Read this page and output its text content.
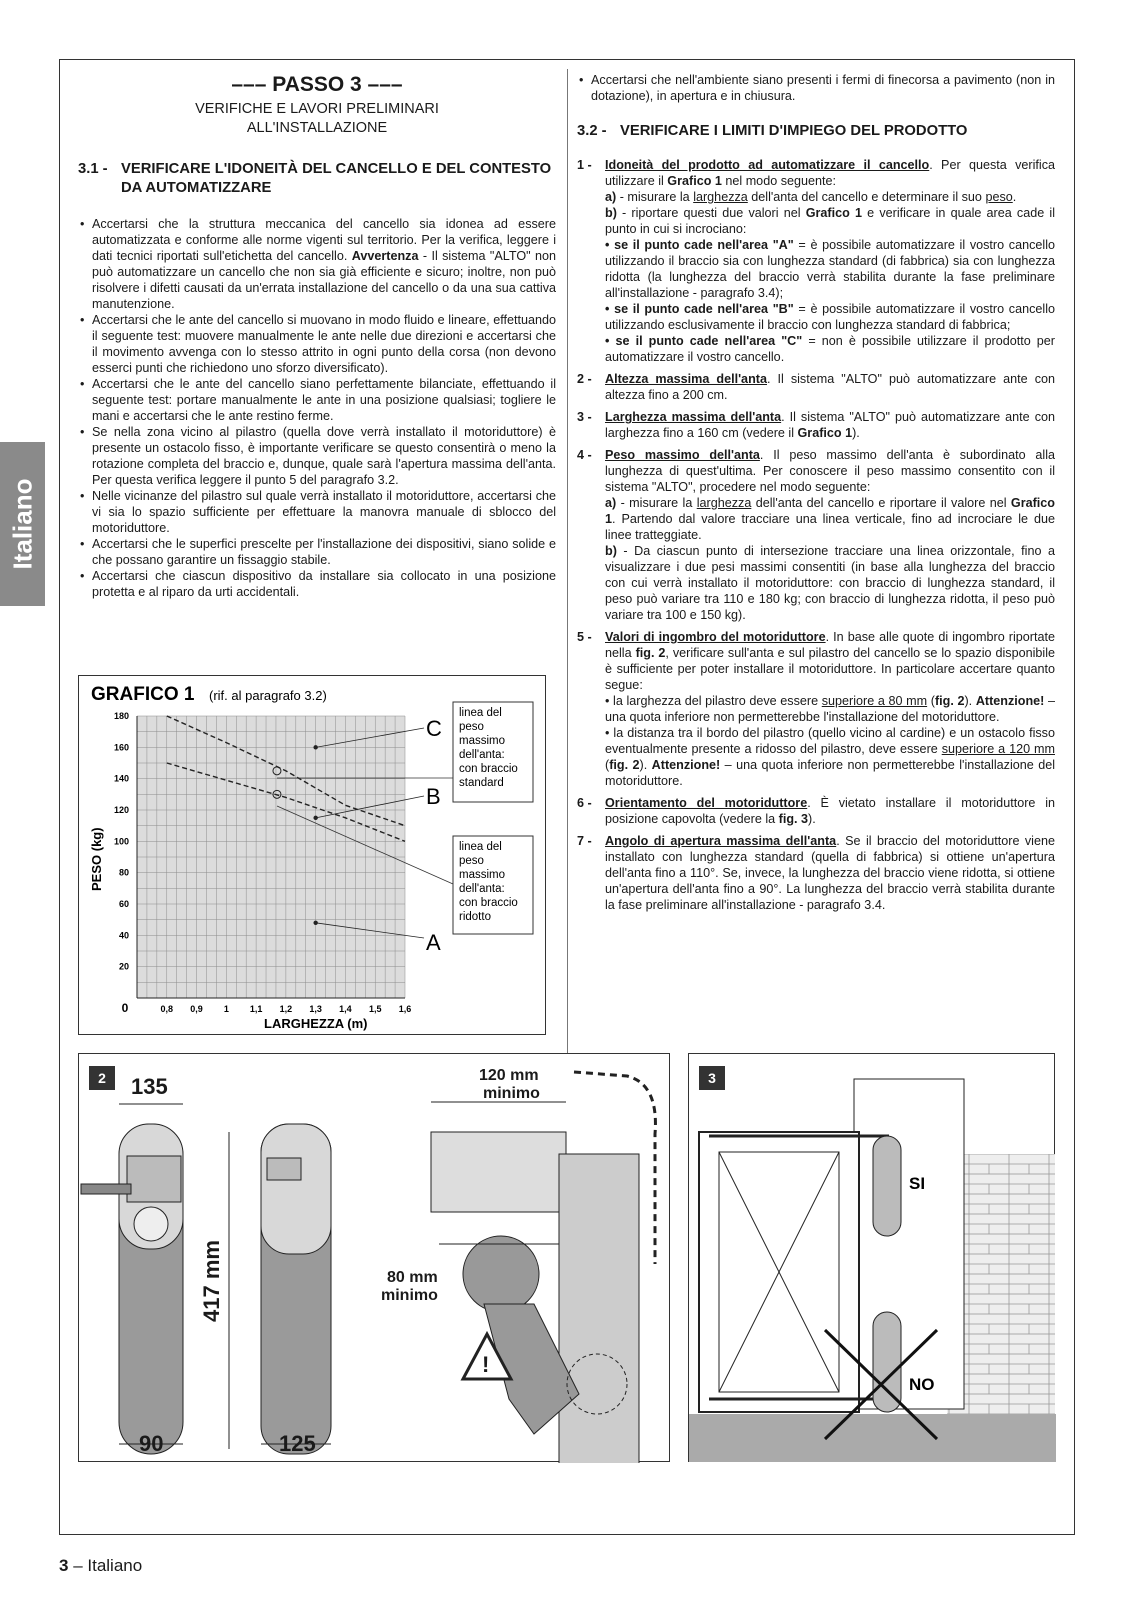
Italiano
––– PASSO 3 –––
VERIFICHE E LAVORI PRELIMINARI
ALL'INSTALLAZIONE
3.1 - VERIFICARE L'IDONEITÀ DEL CANCELLO E DEL CONTESTO DA AUTOMATIZZARE
• Accertarsi che la struttura meccanica del cancello sia idonea ad essere automatizzata e conforme alle norme vigenti sul territorio. Per la verifica, leggere i dati tecnici riportati sull'etichetta del cancello. Avvertenza - Il sistema "ALTO" non può automatizzare un cancello che non sia già efficiente e sicuro; inoltre, non può risolvere i difetti causati da un'errata installazione del cancello o da una sua cattiva manutenzione.
• Accertarsi che le ante del cancello si muovano in modo fluido e lineare, effettuando il seguente test: muovere manualmente le ante nelle due direzioni e accertarsi che il movimento avvenga con lo stesso attrito in ogni punto della corsa (non devono esserci punti che richiedono uno sforzo diversificato).
• Accertarsi che le ante del cancello siano perfettamente bilanciate, effettuando il seguente test: portare manualmente le ante in una posizione qualsiasi; togliere le mani e accertarsi che le ante restino ferme.
• Se nella zona vicino al pilastro (quella dove verrà installato il motoriduttore) è presente un ostacolo fisso, è importante verificare se questo consentirà o meno la rotazione completa del braccio e, dunque, quale sarà l'apertura massima dell'anta. Per questa verifica leggere il punto 5 del paragrafo 3.2.
• Nelle vicinanze del pilastro sul quale verrà installato il motoriduttore, accertarsi che vi sia lo spazio sufficiente per effettuare la manovra manuale di sblocco del motoriduttore.
• Accertarsi che le superfici prescelte per l'installazione dei dispositivi, siano solide e che possano garantire un fissaggio stabile.
• Accertarsi che ciascun dispositivo da installare sia collocato in una posizione protetta e al riparo da urti accidentali.
GRAFICO 1 (rif. al paragrafo 3.2)
20
40
60
80
100
120
140
160
180
0	0,8 0,9 1 1,1 1,2 1,3 1,4 1,5 1,6
linea del peso massimo dell'anta: con braccio standard
linea del peso massimo dell'anta: con braccio ridotto
C
B
A
LARGHEZZA (m)
PESO (kg)
• Accertarsi che nell'ambiente siano presenti i fermi di finecorsa a pavimento (non in dotazione), in apertura e in chiusura.
3.2 - VERIFICARE I LIMITI D'IMPIEGO DEL PRODOTTO
1 -	Idoneità del prodotto ad automatizzare il cancello. Per questa verifica utilizzare il Grafico 1 nel modo seguente:
a) - misurare la larghezza dell'anta del cancello e determinare il suo peso.
b) - riportare questi due valori nel Grafico 1 e verificare in quale area cade il punto in cui si incrociano:
• se il punto cade nell'area "A" = è possibile automatizzare il vostro cancello utilizzando il braccio sia con lunghezza standard (di fabbrica) sia con lunghezza ridotta (la lunghezza del braccio verrà stabilita durante la fase preliminare all'installazione - paragrafo 3.4);
• se il punto cade nell'area "B" = è possibile automatizzare il vostro cancello utilizzando esclusivamente il braccio con lunghezza standard di fabbrica;
• se il punto cade nell'area "C" = non è possibile utilizzare il prodotto per automatizzare il vostro cancello.
2 -	Altezza massima dell'anta. Il sistema "ALTO" può automatizzare ante con altezza fino a 200 cm.
3 -	Larghezza massima dell'anta. Il sistema "ALTO" può automatizzare ante con larghezza fino a 160 cm (vedere il Grafico 1).
4 -	Peso massimo dell'anta. Il peso massimo dell'anta è subordinato alla lunghezza di quest'ultima. Per conoscere il peso massimo consentito con il sistema "ALTO", procedere nel modo seguente:
a) - misurare la larghezza dell'anta del cancello e riportare il valore nel Grafico 1. Partendo dal valore tracciare una linea verticale, fino ad incrociare le due linee tratteggiate.
b) - Da ciascun punto di intersezione tracciare una linea orizzontale, fino a visualizzare i due pesi massimi consentiti (in base alla lunghezza del braccio con cui verrà installato il motoriduttore: con braccio di lunghezza standard, il peso può variare tra 110 e 180 kg; con braccio di lunghezza ridotta, il peso può variare tra 100 e 150 kg).
5 -	Valori di ingombro del motoriduttore. In base alle quote di ingombro riportate nella fig. 2, verificare sull'anta e sul pilastro del cancello se lo spazio disponibile è sufficiente per poter installare il motoriduttore. In particolare accertare quanto segue:
• la larghezza del pilastro deve essere superiore a 80 mm (fig. 2). Attenzione! – una quota inferiore non permetterebbe l'installazione del motoriduttore.
• la distanza tra il bordo del pilastro (quello vicino al cardine) e un ostacolo fisso eventualmente presente a ridosso del pilastro, deve essere superiore a 120 mm (fig. 2). Attenzione! – una quota inferiore non permetterebbe l'installazione del motoriduttore.
6 -	Orientamento del motoriduttore. È vietato installare il motoriduttore in posizione capovolta (vedere la fig. 3).
7 -	Angolo di apertura massima dell'anta. Se il braccio del motoriduttore viene installato con lunghezza standard (quella di fabbrica) si ottiene un'apertura dell'anta fino a 110°. Se, invece, la lunghezza del braccio viene ridotta, si ottiene un'apertura dell'anta fino a 90°. La lunghezza del braccio verrà stabilita durante la fase preliminare all'installazione - paragrafo 3.4.
2	135
90
417 mm
125
!
120 mm minimo
80 mm minimo
3
SI
NO
3 – Italiano
